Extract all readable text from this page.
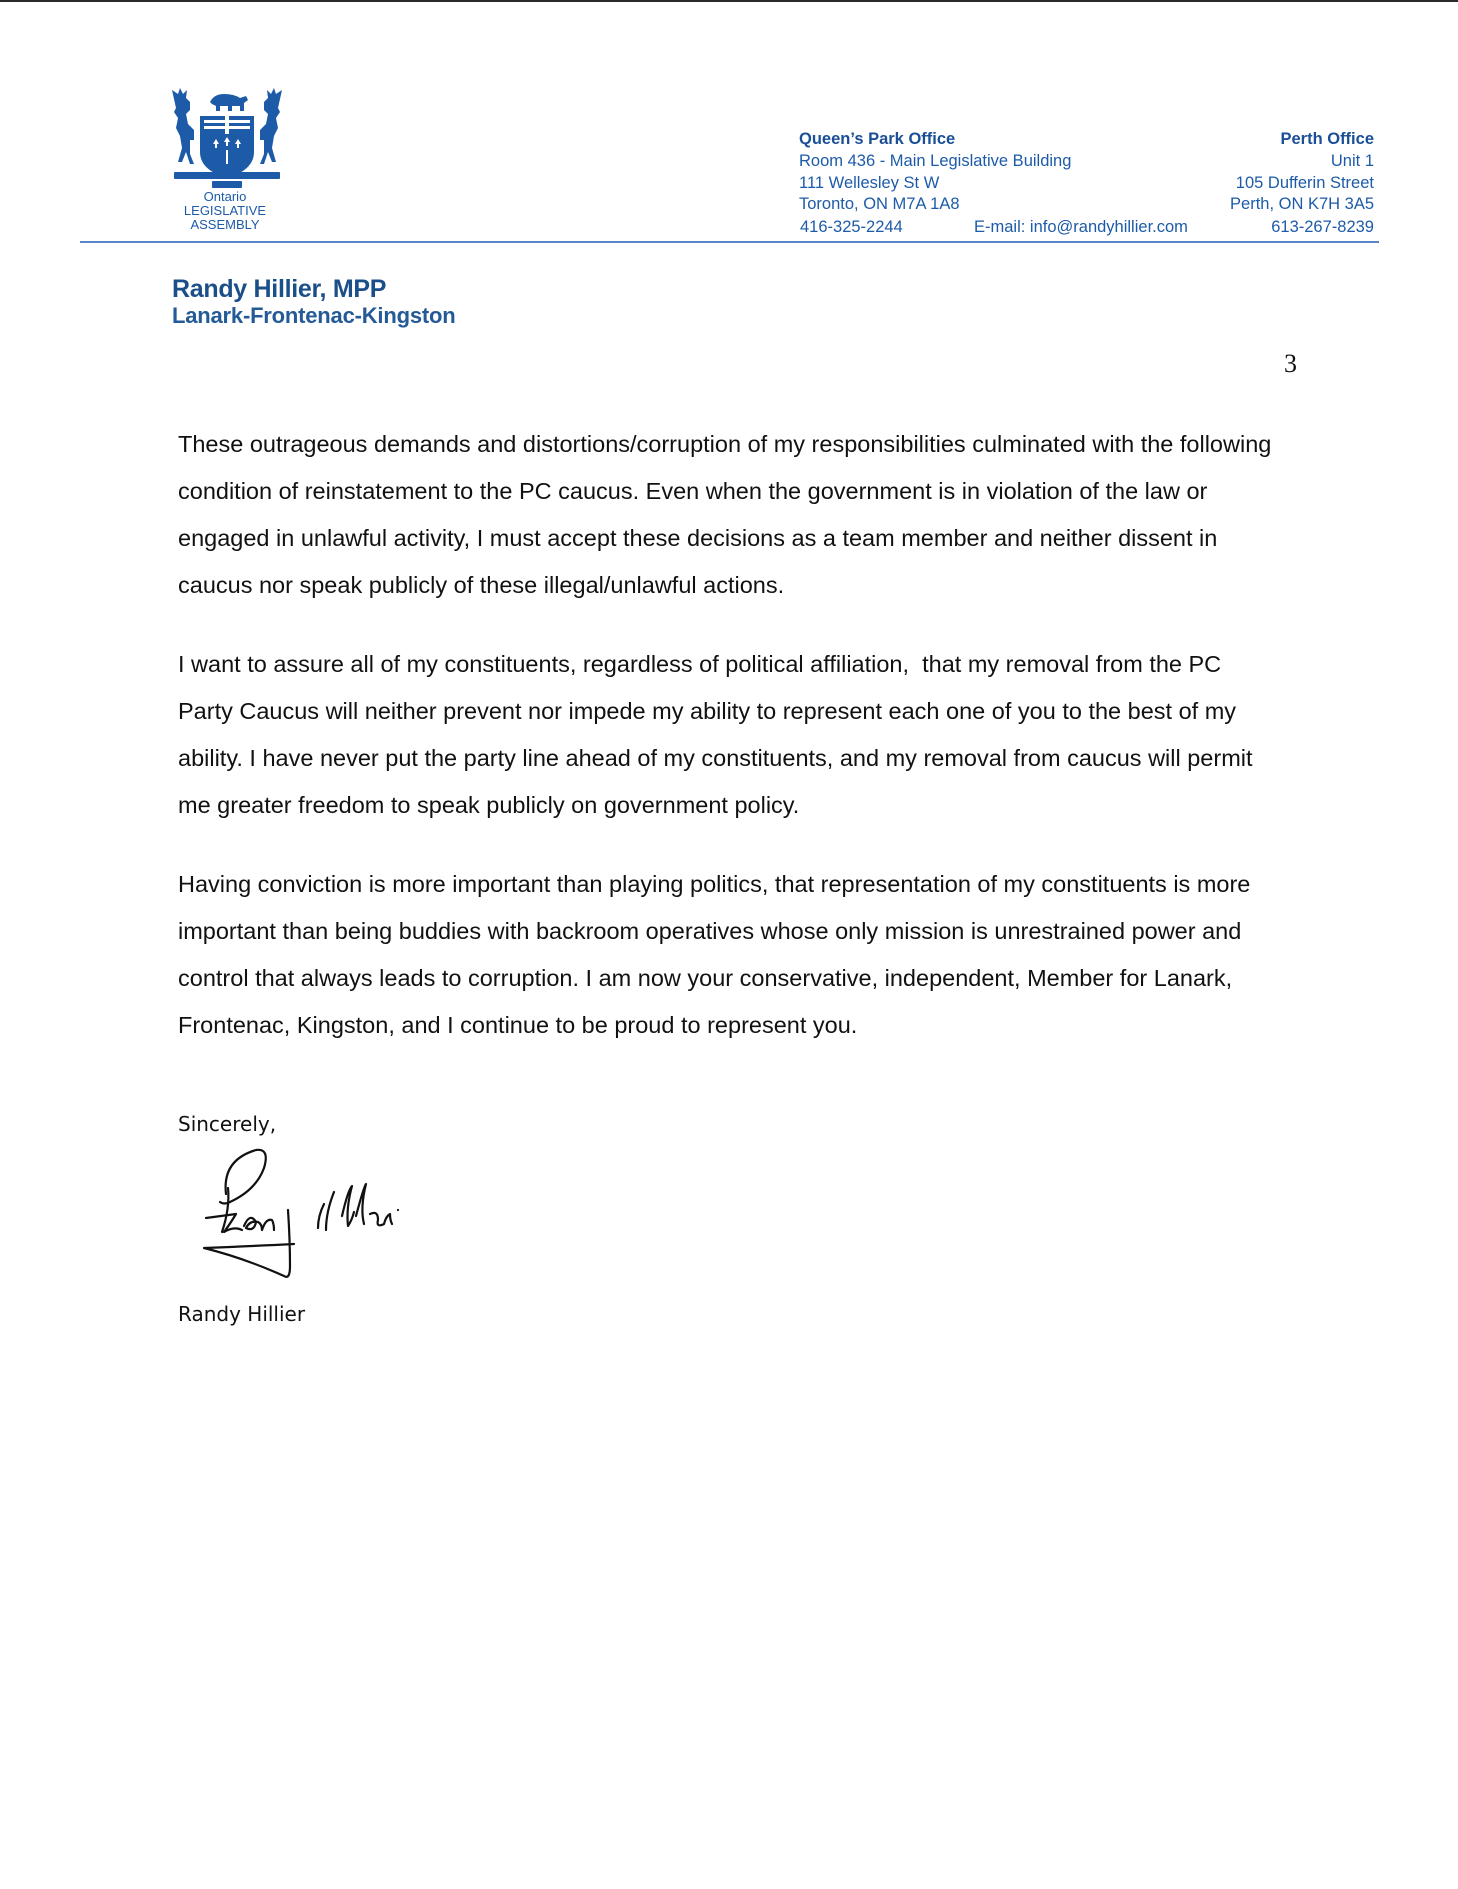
Ontario
LEGISLATIVE
ASSEMBLY
Queen’s Park Office
Room 436 - Main Legislative Building
111 Wellesley St W
Toronto, ON M7A 1A8
416-325-2244	E-mail: info@randyhillier.com
Perth Office
Unit 1
105 Dufferin Street
Perth, ON K7H 3A5
613-267-8239
Randy Hillier, MPP
Lanark-Frontenac-Kingston
3

These outrageous demands and distortions/corruption of my responsibilities culminated with the following
condition of reinstatement to the PC caucus. Even when the government is in violation of the law or
engaged in unlawful activity, I must accept these decisions as a team member and neither dissent in
caucus nor speak publicly of these illegal/unlawful actions.

I want to assure all of my constituents, regardless of political affiliation,  that my removal from the PC
Party Caucus will neither prevent nor impede my ability to represent each one of you to the best of my
ability. I have never put the party line ahead of my constituents, and my removal from caucus will permit
me greater freedom to speak publicly on government policy.

Having conviction is more important than playing politics, that representation of my constituents is more
important than being buddies with backroom operatives whose only mission is unrestrained power and
control that always leads to corruption. I am now your conservative, independent, Member for Lanark,
Frontenac, Kingston, and I continue to be proud to represent you.

Sincerely,
Randy Hillier
